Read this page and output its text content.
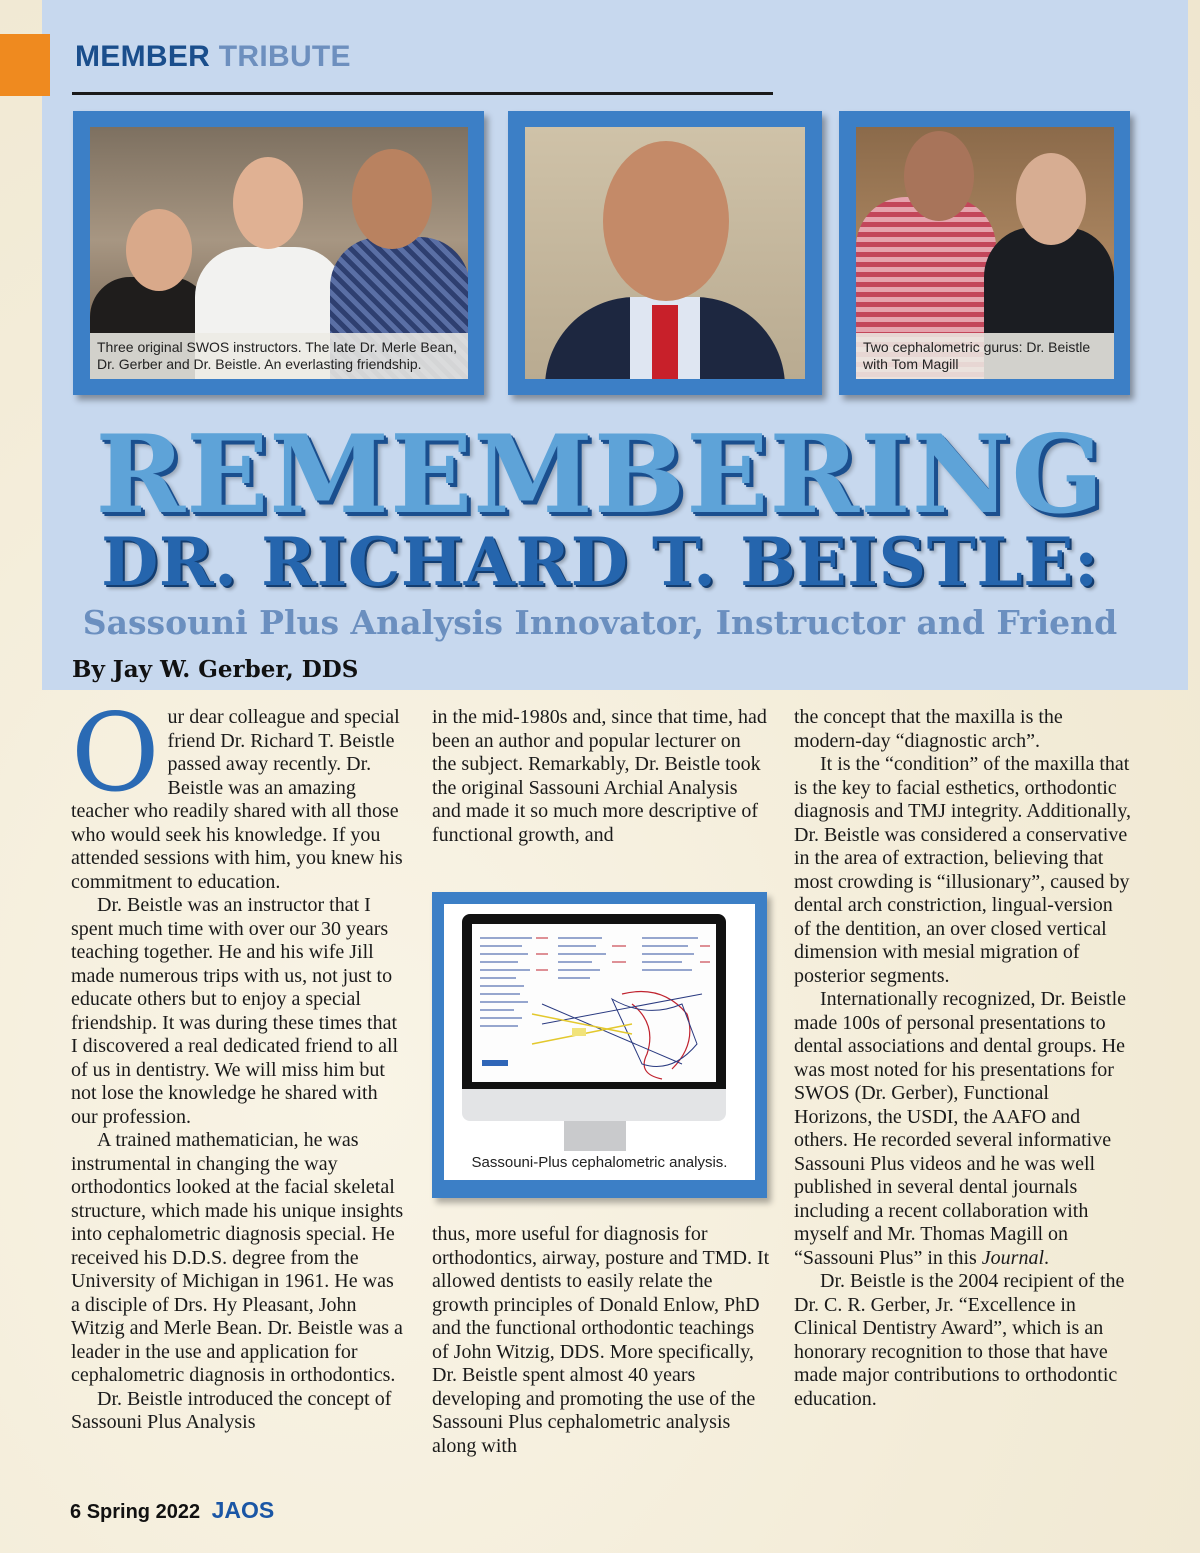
MEMBER TRIBUTE
Three original SWOS instructors. The late Dr. Merle Bean, Dr. Gerber and Dr. Beistle. An everlasting friendship.
Two cephalometric gurus: Dr. Beistle with Tom Magill
REMEMBERING
DR. RICHARD T. BEISTLE:
Sassouni Plus Analysis Innovator, Instructor and Friend
By Jay W. Gerber, DDS

Our dear colleague and special friend Dr. Richard T. Beistle passed away recently. Dr. Beistle was an amazing teacher who readily shared with all those who would seek his knowledge. If you attended sessions with him, you knew his commitment to education.

Dr. Beistle was an instructor that I spent much time with over our 30 years teaching together. He and his wife Jill made numerous trips with us, not just to educate others but to enjoy a special friendship. It was during these times that I discovered a real dedicated friend to all of us in dentistry. We will miss him but not lose the knowledge he shared with our profession.

A trained mathematician, he was instrumental in changing the way orthodontics looked at the facial skeletal structure, which made his unique insights into cephalometric diagnosis special. He received his D.D.S. degree from the University of Michigan in 1961. He was a disciple of Drs. Hy Pleasant, John Witzig and Merle Bean. Dr. Beistle was a leader in the use and application for cephalometric diagnosis in orthodontics.

Dr. Beistle introduced the concept of Sassouni Plus Analysis

in the mid-1980s and, since that time, had been an author and popular lecturer on the subject. Remarkably, Dr. Beistle took the original Sassouni Archial Analysis and made it so much more descriptive of functional growth, and

Sassouni-Plus cephalometric analysis.

thus, more useful for diagnosis for orthodontics, airway, posture and TMD. It allowed dentists to easily relate the growth principles of Donald Enlow, PhD and the functional orthodontic teachings of John Witzig, DDS. More specifically, Dr. Beistle spent almost 40 years developing and promoting the use of the Sassouni Plus cephalometric analysis along with

the concept that the maxilla is the modern-day “diagnostic arch”.

It is the “condition” of the maxilla that is the key to facial esthetics, orthodontic diagnosis and TMJ integrity. Additionally, Dr. Beistle was considered a conservative in the area of extraction, believing that most crowding is “illusionary”, caused by dental arch constriction, lingual-version of the dentition, an over closed vertical dimension with mesial migration of posterior segments.

Internationally recognized, Dr. Beistle made 100s of personal presentations to dental associations and dental groups. He was most noted for his presentations for SWOS (Dr. Gerber), Functional Horizons, the USDI, the AAFO and others. He recorded several informative Sassouni Plus videos and he was well published in several dental journals including a recent collaboration with myself and Mr. Thomas Magill on “Sassouni Plus” in this Journal.

Dr. Beistle is the 2004 recipient of the Dr. C. R. Gerber, Jr. “Excellence in Clinical Dentistry Award”, which is an honorary recognition to those that have made major contributions to orthodontic education.

6 Spring 2022 JAOS
